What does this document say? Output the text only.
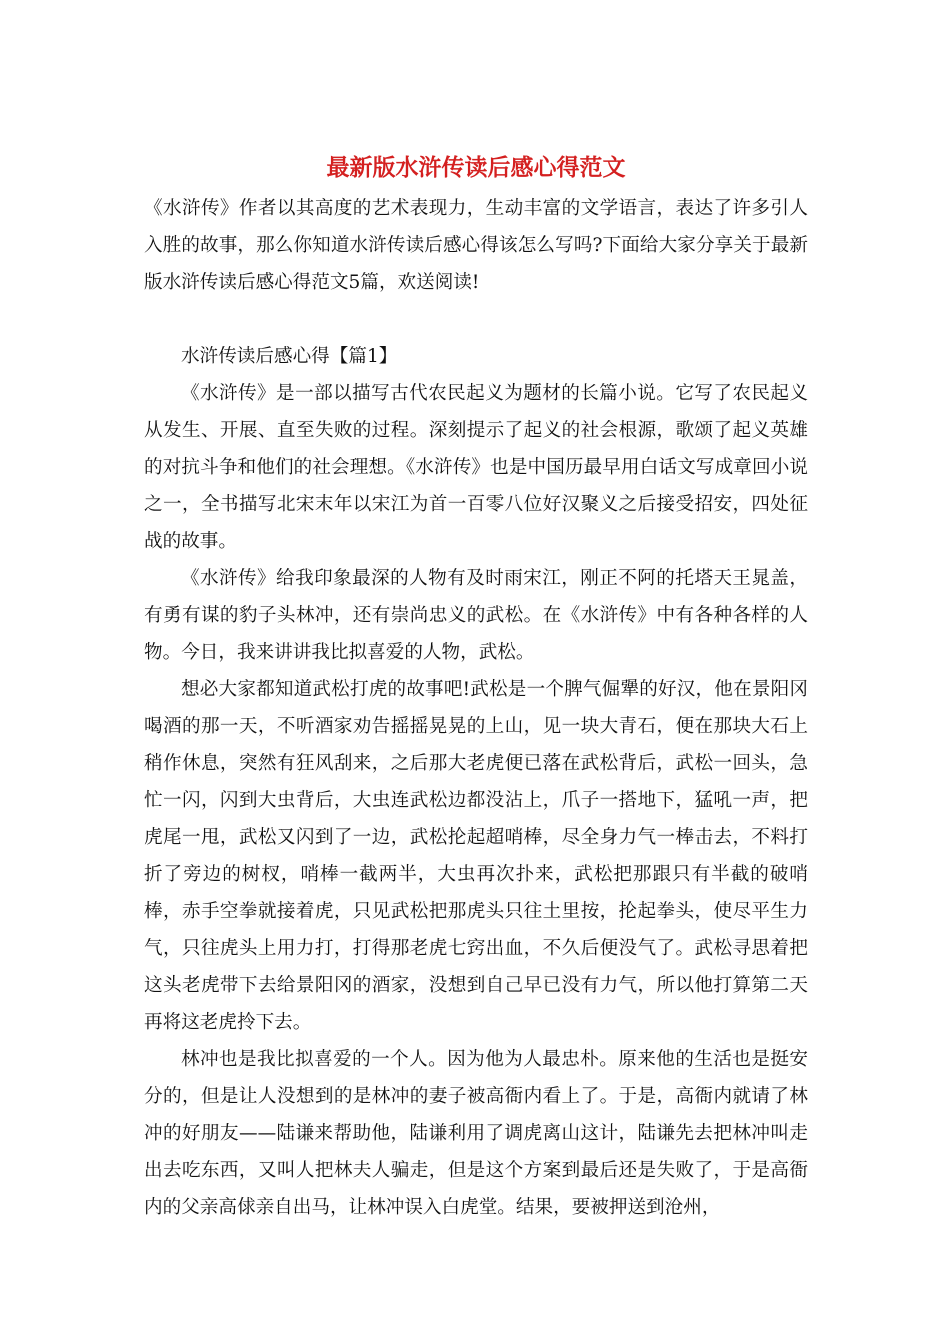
最新版水浒传读后感心得范文

《水浒传》作者以其高度的艺术表现力，生动丰富的文学语言，表达了许多引人入胜的故事，那么你知道水浒传读后感心得该怎么写吗?下面给大家分享关于最新版水浒传读后感心得范文5篇，欢送阅读!

水浒传读后感心得【篇1】

《水浒传》是一部以描写古代农民起义为题材的长篇小说。它写了农民起义从发生、开展、直至失败的过程。深刻提示了起义的社会根源，歌颂了起义英雄的对抗斗争和他们的社会理想。《水浒传》也是中国历最早用白话文写成章回小说之一，全书描写北宋末年以宋江为首一百零八位好汉聚义之后接受招安，四处征战的故事。

《水浒传》给我印象最深的人物有及时雨宋江，刚正不阿的托塔天王晁盖，有勇有谋的豹子头林冲，还有崇尚忠义的武松。在《水浒传》中有各种各样的人物。今日，我来讲讲我比拟喜爱的人物，武松。

想必大家都知道武松打虎的故事吧!武松是一个脾气倔犟的好汉，他在景阳冈喝酒的那一天，不听酒家劝告摇摇晃晃的上山，见一块大青石，便在那块大石上稍作休息，突然有狂风刮来，之后那大老虎便已落在武松背后，武松一回头，急忙一闪，闪到大虫背后，大虫连武松边都没沾上，爪子一搭地下，猛吼一声，把虎尾一甩，武松又闪到了一边，武松抡起超哨棒，尽全身力气一棒击去，不料打折了旁边的树杈，哨棒一截两半，大虫再次扑来，武松把那跟只有半截的破哨棒，赤手空拳就接着虎，只见武松把那虎头只往土里按，抡起拳头，使尽平生力气，只往虎头上用力打，打得那老虎七窍出血，不久后便没气了。武松寻思着把这头老虎带下去给景阳冈的酒家，没想到自己早已没有力气，所以他打算第二天再将这老虎拎下去。

林冲也是我比拟喜爱的一个人。因为他为人最忠朴。原来他的生活也是挺安分的，但是让人没想到的是林冲的妻子被高衙内看上了。于是，高衙内就请了林冲的好朋友——陆谦来帮助他，陆谦利用了调虎离山这计，陆谦先去把林冲叫走出去吃东西，又叫人把林夫人骗走，但是这个方案到最后还是失败了，于是高衙内的父亲高俅亲自出马，让林冲误入白虎堂。结果，要被押送到沧州，
